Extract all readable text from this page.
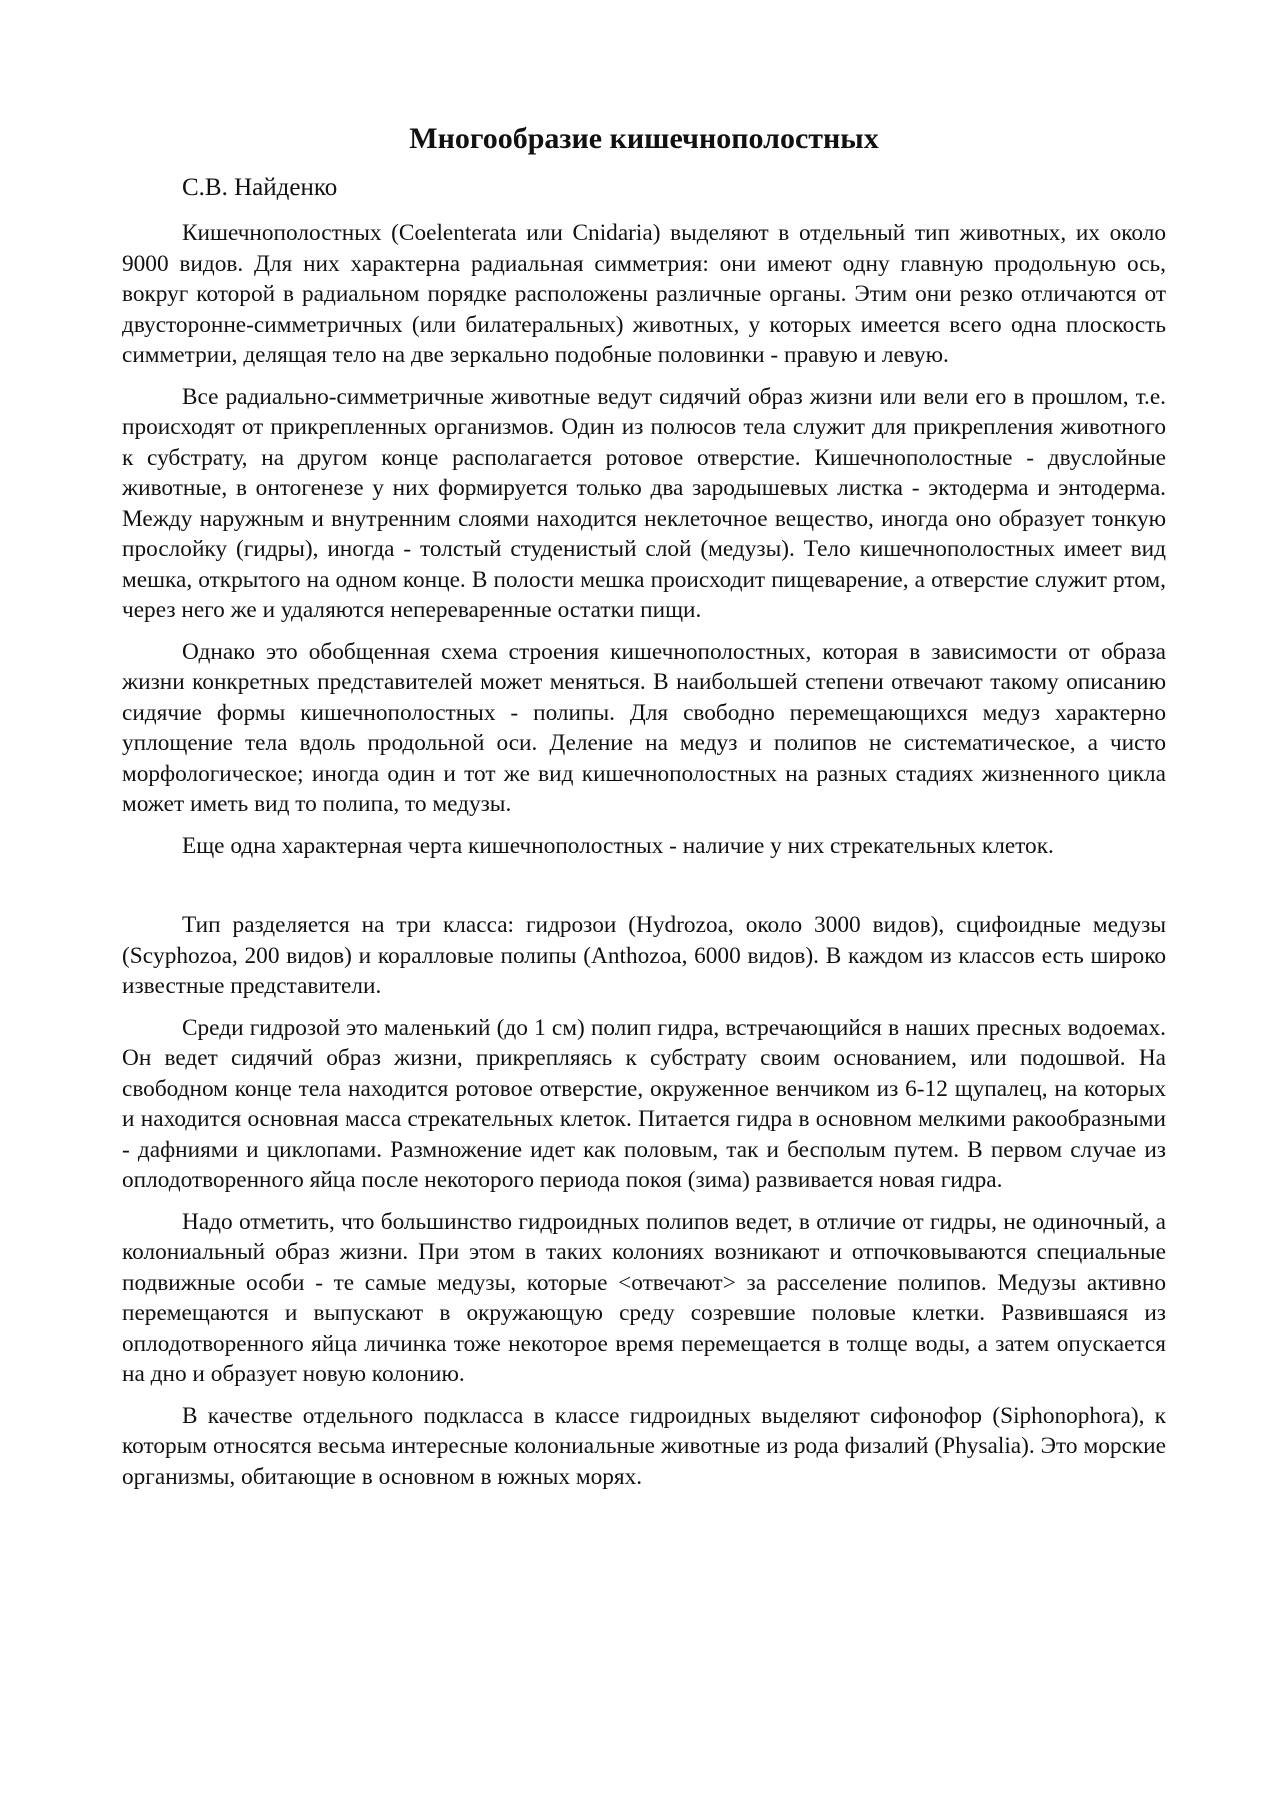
Многообразие кишечнополостных

С.В. Найденко

Кишечнополостных (Coelenterata или Cnidaria) выделяют в отдельный тип животных, их около 9000 видов. Для них характерна радиальная симметрия: они имеют одну главную продольную ось, вокруг которой в радиальном порядке расположены различные органы. Этим они резко отличаются от двусторонне-симметричных (или билатеральных) животных, у которых имеется всего одна плоскость симметрии, делящая тело на две зеркально подобные половинки - правую и левую.

Все радиально-симметричные животные ведут сидячий образ жизни или вели его в прошлом, т.е. происходят от прикрепленных организмов. Один из полюсов тела служит для прикрепления животного к субстрату, на другом конце располагается ротовое отверстие. Кишечнополостные - двуслойные животные, в онтогенезе у них формируется только два зародышевых листка - эктодерма и энтодерма. Между наружным и внутренним слоями находится неклеточное вещество, иногда оно образует тонкую прослойку (гидры), иногда - толстый студенистый слой (медузы). Тело кишечнополостных имеет вид мешка, открытого на одном конце. В полости мешка происходит пищеварение, а отверстие служит ртом, через него же и удаляются непереваренные остатки пищи.

Однако это обобщенная схема строения кишечнополостных, которая в зависимости от образа жизни конкретных представителей может меняться. В наибольшей степени отвечают такому описанию сидячие формы кишечнополостных - полипы. Для свободно перемещающихся медуз характерно уплощение тела вдоль продольной оси. Деление на медуз и полипов не систематическое, а чисто морфологическое; иногда один и тот же вид кишечнополостных на разных стадиях жизненного цикла может иметь вид то полипа, то медузы.

Еще одна характерная черта кишечнополостных - наличие у них стрекательных клеток.

Тип разделяется на три класса: гидрозои (Hydrozoa, около 3000 видов), сцифоидные медузы (Scyphozoa, 200 видов) и коралловые полипы (Anthozoa, 6000 видов). В каждом из классов есть широко известные представители.

Среди гидрозой это маленький (до 1 см) полип гидра, встречающийся в наших пресных водоемах. Он ведет сидячий образ жизни, прикрепляясь к субстрату своим основанием, или подошвой. На свободном конце тела находится ротовое отверстие, окруженное венчиком из 6-12 щупалец, на которых и находится основная масса стрекательных клеток. Питается гидра в основном мелкими ракообразными - дафниями и циклопами. Размножение идет как половым, так и бесполым путем. В первом случае из оплодотворенного яйца после некоторого периода покоя (зима) развивается новая гидра.

Надо отметить, что большинство гидроидных полипов ведет, в отличие от гидры, не одиночный, а колониальный образ жизни. При этом в таких колониях возникают и отпочковываются специальные подвижные особи - те самые медузы, которые <отвечают> за расселение полипов. Медузы активно перемещаются и выпускают в окружающую среду созревшие половые клетки. Развившаяся из оплодотворенного яйца личинка тоже некоторое время перемещается в толще воды, а затем опускается на дно и образует новую колонию.

В качестве отдельного подкласса в классе гидроидных выделяют сифонофор (Siphonophora), к которым относятся весьма интересные колониальные животные из рода физалий (Physalia). Это морские организмы, обитающие в основном в южных морях.
